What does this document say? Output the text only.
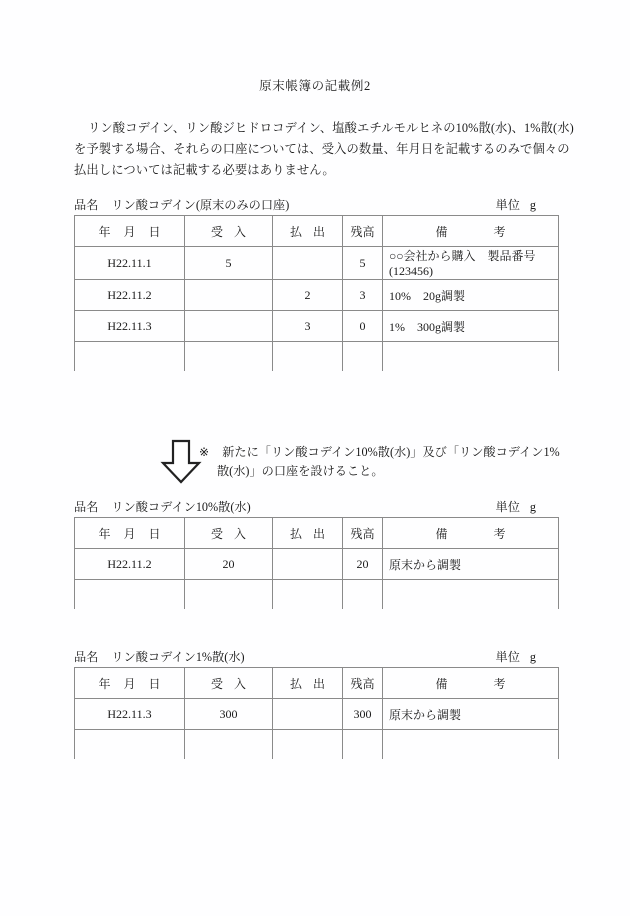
原末帳簿の記載例2
リン酸コデイン、リン酸ジヒドロコデイン、塩酸エチルモルヒネの10%散(水)、1%散(水)
を予製する場合、それらの口座については、受入の数量、年月日を記載するのみで個々の
払出しについては記載する必要はありません。
品名 リン酸コデイン(原末のみの口座)	単位 g
年 月 日	受 入	払 出	残高	備 考
H22.11.1	5		5	○○会社から購入　製品番号(123456)
H22.11.2		2	3	10%　20g調製
H22.11.3		3	0	1%　300g調製

※ 新たに「リン酸コデイン10%散(水)」及び「リン酸コデイン1%
散(水)」の口座を設けること。
品名 リン酸コデイン10%散(水)	単位 g
年 月 日	受 入	払 出	残高	備 考
H22.11.2	20		20	原末から調製

品名 リン酸コデイン1%散(水)	単位 g
年 月 日	受 入	払 出	残高	備 考
H22.11.3	300		300	原末から調製
